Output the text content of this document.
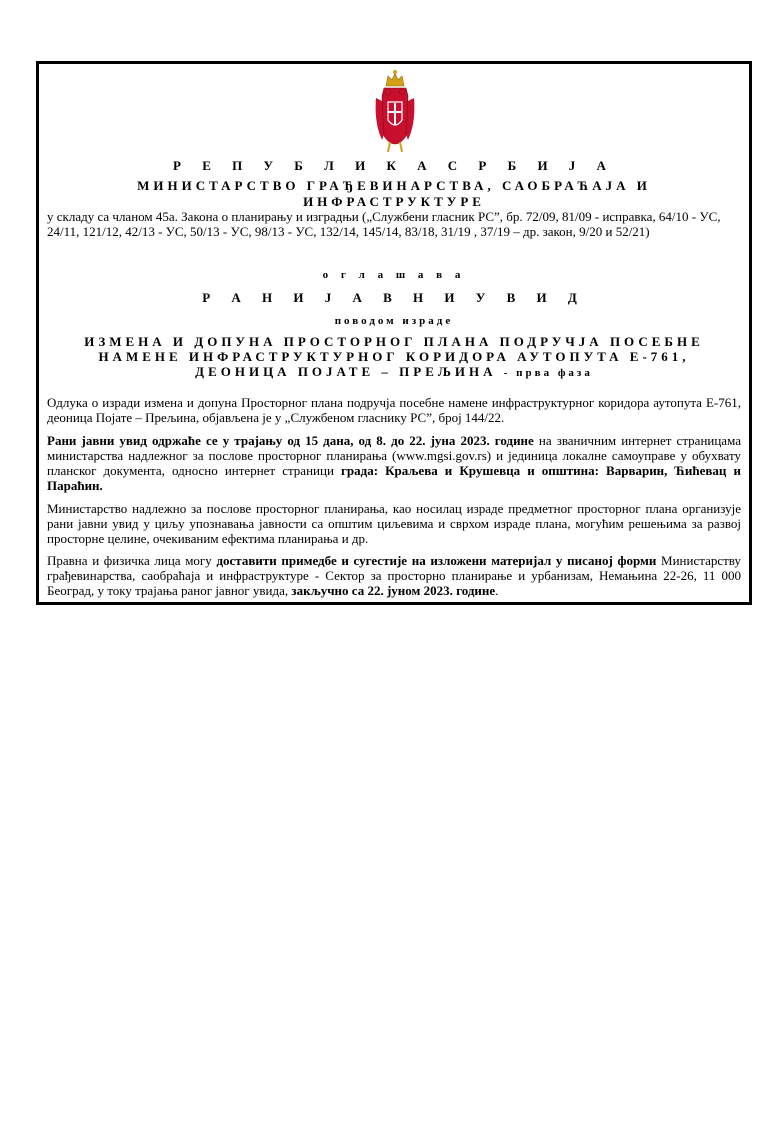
Р Е П У Б Л И К А С Р Б И Ј А
МИНИСТАРСТВО ГРАЂЕВИНАРСТВА, САОБРАЋАЈА И
ИНФРАСТРУКТУРЕ
у складу са чланом 45а. Закона о планирању и изградњи („Службени гласник РС”, бр. 72/09, 81/09 - исправка, 64/10 - УС, 24/11, 121/12, 42/13 - УС, 50/13 - УС, 98/13 - УС, 132/14, 145/14, 83/18, 31/19 , 37/19 – др. закон, 9/20 и 52/21)
о г л а ш а в а
Р А Н И Ј А В Н И У В И Д
поводом израде
ИЗМЕНА И ДОПУНА ПРОСТОРНОГ ПЛАНА ПОДРУЧЈА ПОСЕБНЕ
НАМЕНЕ ИНФРАСТРУКТУРНОГ КОРИДОРА АУТОПУТА Е-761,
ДЕОНИЦА ПОЈАТЕ – ПРЕЉИНА - прва фаза
Одлука о изради измена и допуна Просторног плана подручја посебне намене инфраструктурног коридора аутопута Е-761, деоница Појате – Прељина, објављена је у „Службеном гласнику РС”, број 144/22.
Рани јавни увид одржаће се у трајању од 15 дана, од 8. до 22. јуна 2023. године на званичним интернет страницама министарства надлежног за послове просторног планирања (www.mgsi.gov.rs) и јединица локалне самоуправе у обухвату планског документа, односно интернет страници града: Краљева и Крушевца и општина: Варварин, Ћићевац и Параћин.
Министарство надлежно за послове просторног планирања, као носилац израде предметног просторног плана организује рани јавни увид у циљу упознавања јавности са општим циљевима и сврхом израде плана, могућим решењима за развој просторне целине, очекиваним ефектима планирања и др.
Правна и физичка лица могу доставити примедбе и сугестије на изложени материјал у писаној форми Министарству грађевинарства, саобраћаја и инфраструктуре - Сектор за просторно планирање и урбанизам, Немањина 22-26, 11 000 Београд, у току трајања раног јавног увида, закључно са 22. јуном 2023. године.
